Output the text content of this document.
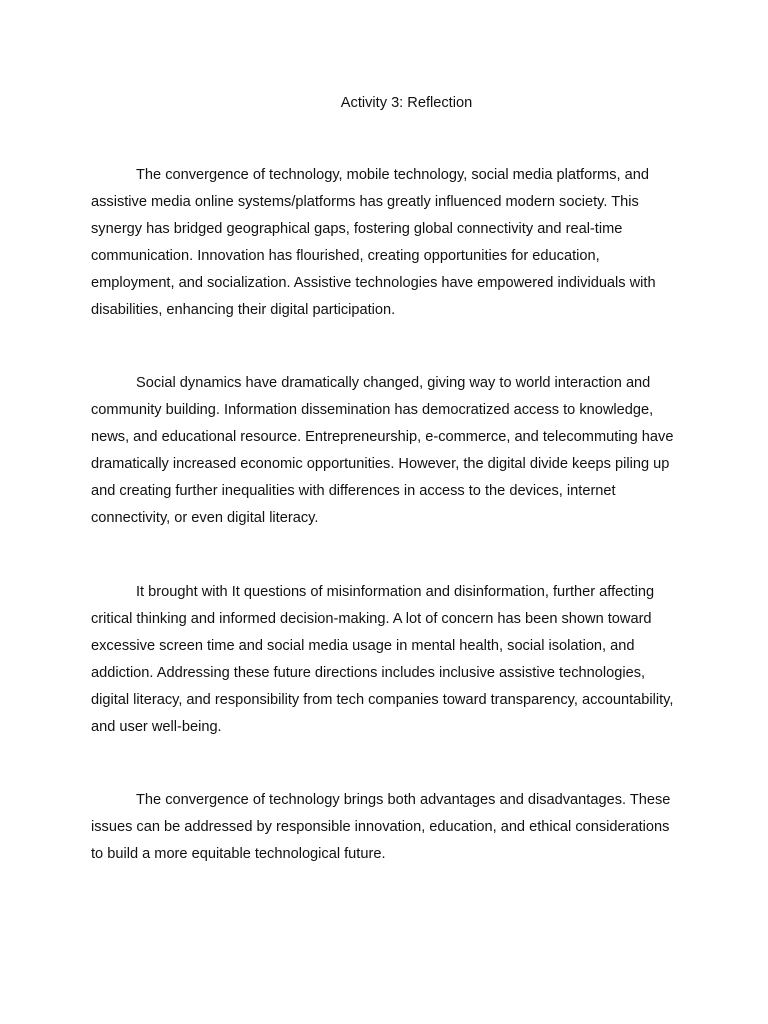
Activity 3: Reflection

The convergence of technology, mobile technology, social media platforms, and assistive media online systems/platforms has greatly influenced modern society. This synergy has bridged geographical gaps, fostering global connectivity and real-time communication. Innovation has flourished, creating opportunities for education, employment, and socialization. Assistive technologies have empowered individuals with disabilities, enhancing their digital participation.

Social dynamics have dramatically changed, giving way to world interaction and community building. Information dissemination has democratized access to knowledge, news, and educational resource. Entrepreneurship, e-commerce, and telecommuting have dramatically increased economic opportunities. However, the digital divide keeps piling up and creating further inequalities with differences in access to the devices, internet connectivity, or even digital literacy.

It brought with It questions of misinformation and disinformation, further affecting critical thinking and informed decision-making. A lot of concern has been shown toward excessive screen time and social media usage in mental health, social isolation, and addiction. Addressing these future directions includes inclusive assistive technologies, digital literacy, and responsibility from tech companies toward transparency, accountability, and user well-being.

The convergence of technology brings both advantages and disadvantages. These issues can be addressed by responsible innovation, education, and ethical considerations to build a more equitable technological future.
